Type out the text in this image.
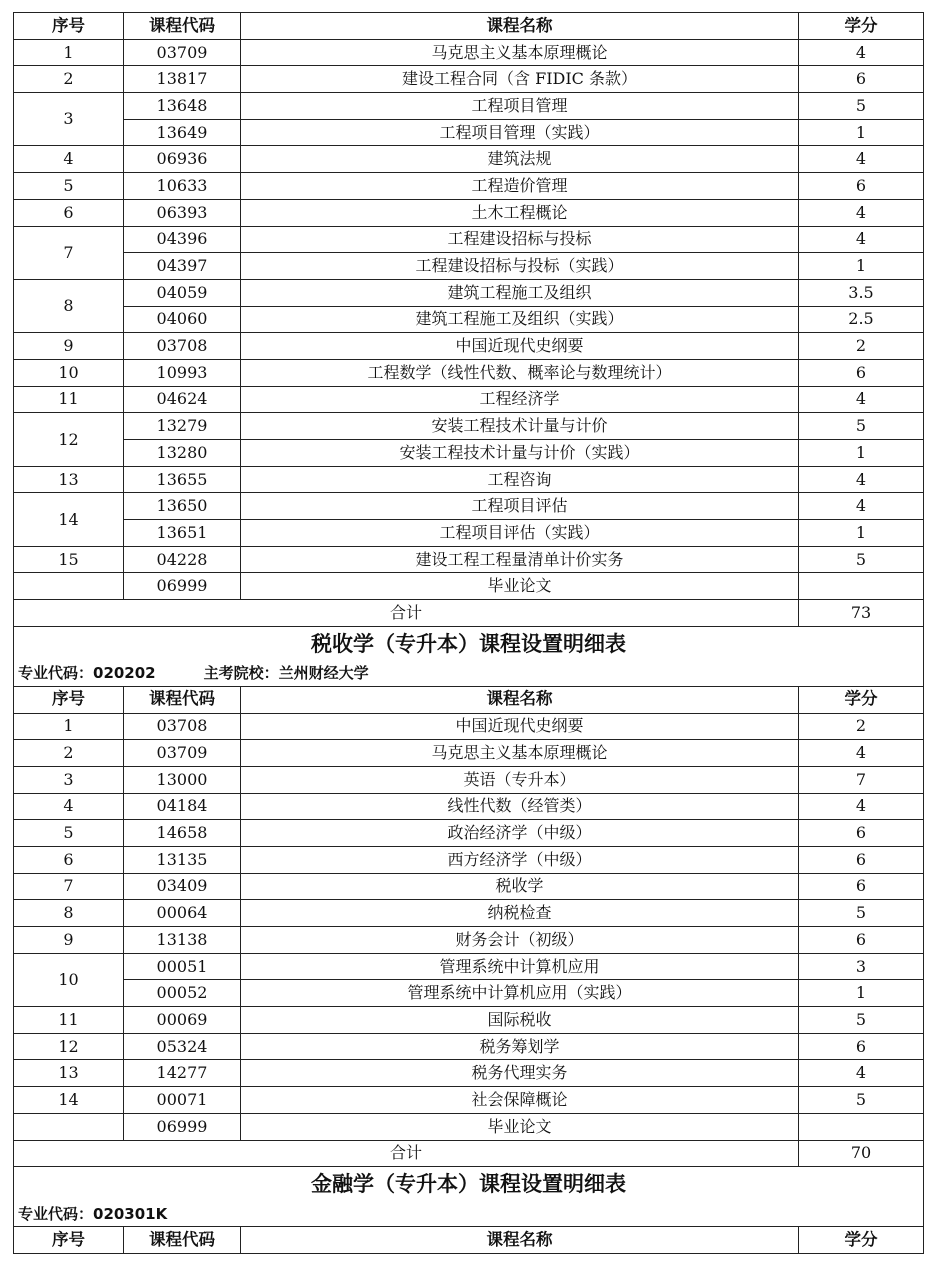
序号	课程代码	课程名称	学分
1	03709	马克思主义基本原理概论	4
2	13817	建设工程合同（含 FIDIC 条款）	6
3	13648	工程项目管理	5
	13649	工程项目管理（实践）	1
4	06936	建筑法规	4
5	10633	工程造价管理	6
6	06393	土木工程概论	4
7	04396	工程建设招标与投标	4
	04397	工程建设招标与投标（实践）	1
8	04059	建筑工程施工及组织	3.5
	04060	建筑工程施工及组织（实践）	2.5
9	03708	中国近现代史纲要	2
10	10993	工程数学（线性代数、概率论与数理统计）	6
11	04624	工程经济学	4
12	13279	安装工程技术计量与计价	5
	13280	安装工程技术计量与计价（实践）	1
13	13655	工程咨询	4
14	13650	工程项目评估	4
	13651	工程项目评估（实践）	1
15	04228	建设工程工程量清单计价实务	5
	06999	毕业论文	
合计			73
税收学（专升本）课程设置明细表			
专业代码：020202 主考院校：兰州财经大学			
序号	课程代码	课程名称	学分
1	03708	中国近现代史纲要	2
2	03709	马克思主义基本原理概论	4
3	13000	英语（专升本）	7
4	04184	线性代数（经管类）	4
5	14658	政治经济学（中级）	6
6	13135	西方经济学（中级）	6
7	03409	税收学	6
8	00064	纳税检查	5
9	13138	财务会计（初级）	6
10	00051	管理系统中计算机应用	3
	00052	管理系统中计算机应用（实践）	1
11	00069	国际税收	5
12	05324	税务筹划学	6
13	14277	税务代理实务	4
14	00071	社会保障概论	5
	06999	毕业论文	
合计			70
金融学（专升本）课程设置明细表			
专业代码：020301K			
序号	课程代码	课程名称	学分
